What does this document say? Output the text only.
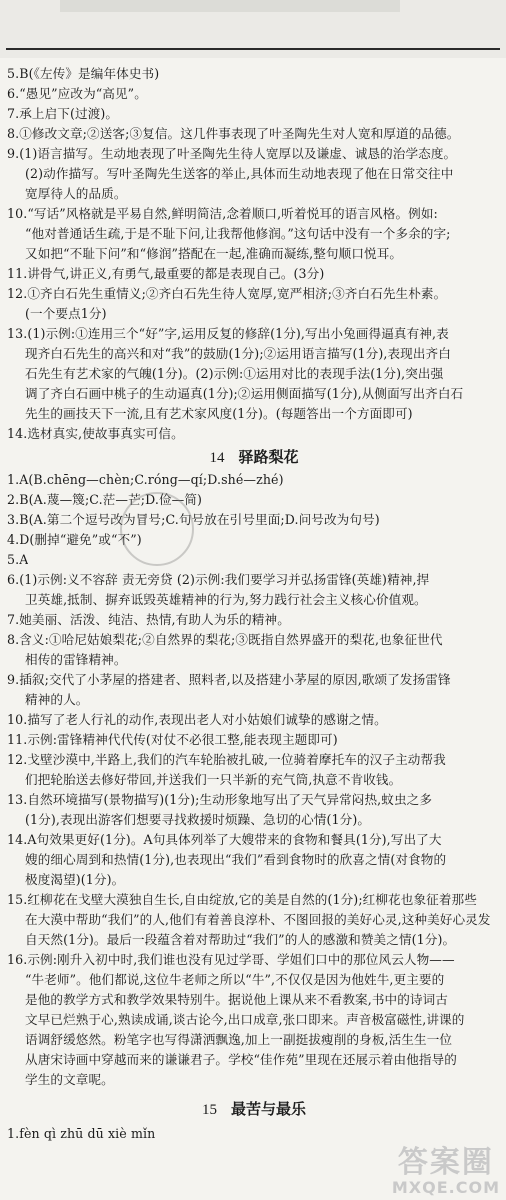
5.B(《左传》是编年体史书)
6.“愚见”应改为“高见”。
7.承上启下(过渡)。
8.①修改文章;②送客;③复信。这几件事表现了叶圣陶先生对人宽和厚道的品德。
9.(1)语言描写。生动地表现了叶圣陶先生待人宽厚以及谦虚、诚恳的治学态度。
(2)动作描写。写叶圣陶先生送客的举止,具体而生动地表现了他在日常交往中
宽厚待人的品质。
10.“写话”风格就是平易自然,鲜明简洁,念着顺口,听着悦耳的语言风格。例如:
“他对普通话生疏,于是不耻下问,让我帮他修润。”这句话中没有一个多余的字;
又如把“不耻下问”和“修润”搭配在一起,准确而凝练,整句顺口悦耳。
11.讲骨气,讲正义,有勇气,最重要的都是表现自己。(3分)
12.①齐白石先生重情义;②齐白石先生待人宽厚,宽严相济;③齐白石先生朴素。
(一个要点1分)
13.(1)示例:①连用三个“好”字,运用反复的修辞(1分),写出小兔画得逼真有神,表
现齐白石先生的高兴和对“我”的鼓励(1分);②运用语言描写(1分),表现出齐白
石先生有艺术家的气魄(1分)。(2)示例:①运用对比的表现手法(1分),突出强
调了齐白石画中桃子的生动逼真(1分);②运用侧面描写(1分),从侧面写出齐白石
先生的画技天下一流,且有艺术家风度(1分)。(每题答出一个方面即可)
14.选材真实,使故事真实可信。
14 驿路梨花
1.A(B.chēng—chèn;C.róng—qí;D.shé—zhé)
2.B(A.蔑—篾;C.茫—芒;D.俭—简)
3.B(A.第二个逗号改为冒号;C.句号放在引号里面;D.问号改为句号)
4.D(删掉“避免”或“不”)
5.A
6.(1)示例:义不容辞 责无旁贷 (2)示例:我们要学习并弘扬雷锋(英雄)精神,捍
卫英雄,抵制、摒弃诋毁英雄精神的行为,努力践行社会主义核心价值观。
7.她美丽、活泼、纯洁、热情,有助人为乐的精神。
8.含义:①哈尼姑娘梨花;②自然界的梨花;③既指自然界盛开的梨花,也象征世代
相传的雷锋精神。
9.插叙;交代了小茅屋的搭建者、照料者,以及搭建小茅屋的原因,歌颂了发扬雷锋
精神的人。
10.描写了老人行礼的动作,表现出老人对小姑娘们诚挚的感谢之情。
11.示例:雷锋精神代代传(对仗不必很工整,能表现主题即可)
12.戈壁沙漠中,半路上,我们的汽车轮胎被扎破,一位骑着摩托车的汉子主动帮我
们把轮胎送去修好带回,并送我们一只半新的充气筒,执意不肯收钱。
13.自然环境描写(景物描写)(1分);生动形象地写出了天气异常闷热,蚊虫之多
(1分),表现出游客们想要寻找救援时烦躁、急切的心情(1分)。
14.A句效果更好(1分)。A句具体列举了大嫂带来的食物和餐具(1分),写出了大
嫂的细心周到和热情(1分),也表现出“我们”看到食物时的欣喜之情(对食物的
极度渴望)(1分)。
15.红柳花在戈壁大漠独自生长,自由绽放,它的美是自然的(1分);红柳花也象征着那些
在大漠中帮助“我们”的人,他们有着善良淳朴、不图回报的美好心灵,这种美好心灵发
自天然(1分)。最后一段蕴含着对帮助过“我们”的人的感激和赞美之情(1分)。
16.示例:刚升入初中时,我们谁也没有见过学哥、学姐们口中的那位风云人物——
“牛老师”。他们都说,这位牛老师之所以“牛”,不仅仅是因为他姓牛,更主要的
是他的教学方式和教学效果特别牛。据说他上课从来不看教案,书中的诗词古
文早已烂熟于心,熟读成诵,谈古论今,出口成章,张口即来。声音极富磁性,讲课的
语调舒缓悠然。粉笔字也写得潇洒飘逸,加上一副挺拔瘦削的身板,活生生一位
从唐宋诗画中穿越而来的谦谦君子。学校“佳作苑”里现在还展示着由他指导的
学生的文章呢。
15 最苦与最乐
1.fèn qì zhū dū xiè mǐn
答案圈
MXQE.COM
